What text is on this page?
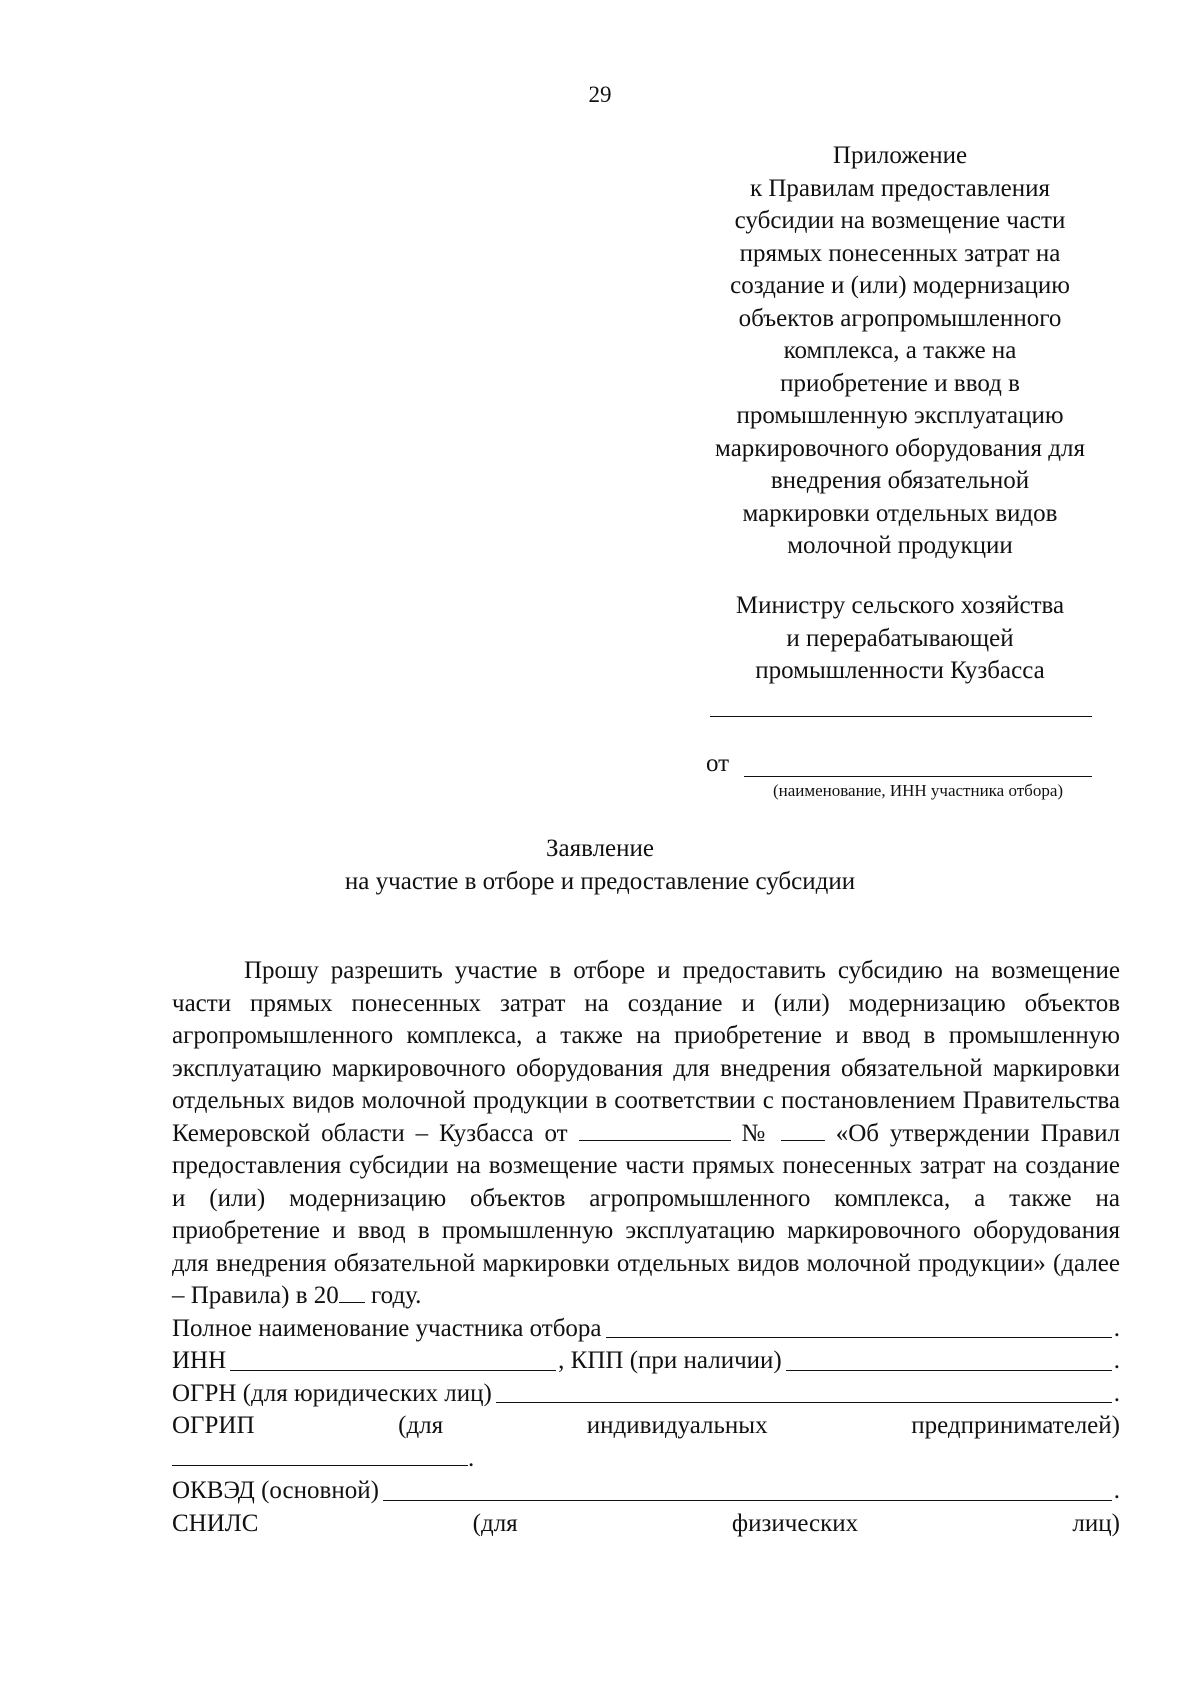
29
Приложение
к Правилам предоставления
субсидии на возмещение части
прямых понесенных затрат на
создание и (или) модернизацию
объектов агропромышленного
комплекса, а также на
приобретение и ввод в
промышленную эксплуатацию
маркировочного оборудования для
внедрения обязательной
маркировки отдельных видов
молочной продукции
Министру сельского хозяйства
и перерабатывающей
промышленности Кузбасса
от
(наименование, ИНН участника отбора)
Заявление
на участие в отборе и предоставление субсидии

Прошу разрешить участие в отборе и предоставить субсидию на возмещение части прямых понесенных затрат на создание и (или) модернизацию объектов агропромышленного комплекса, а также на приобретение и ввод в промышленную эксплуатацию маркировочного оборудования для внедрения обязательной маркировки отдельных видов молочной продукции в соответствии с постановлением Правительства Кемеровской области – Кузбасса от	№	«Об утверждении Правил предоставления субсидии на возмещение части прямых понесенных затрат на создание и (или) модернизацию объектов агропромышленного комплекса, а также на приобретение и ввод в промышленную эксплуатацию маркировочного оборудования для внедрения обязательной маркировки отдельных видов молочной продукции» (далее – Правила) в 20 году.

Полное наименование участника отбора	.
ИНН	, КПП (при наличии)	.
ОГРН (для юридических лиц)	.
ОГРИП	(для	индивидуальных	предпринимателей)
.
ОКВЭД (основной)	.
СНИЛС	(для	физических	лиц)
